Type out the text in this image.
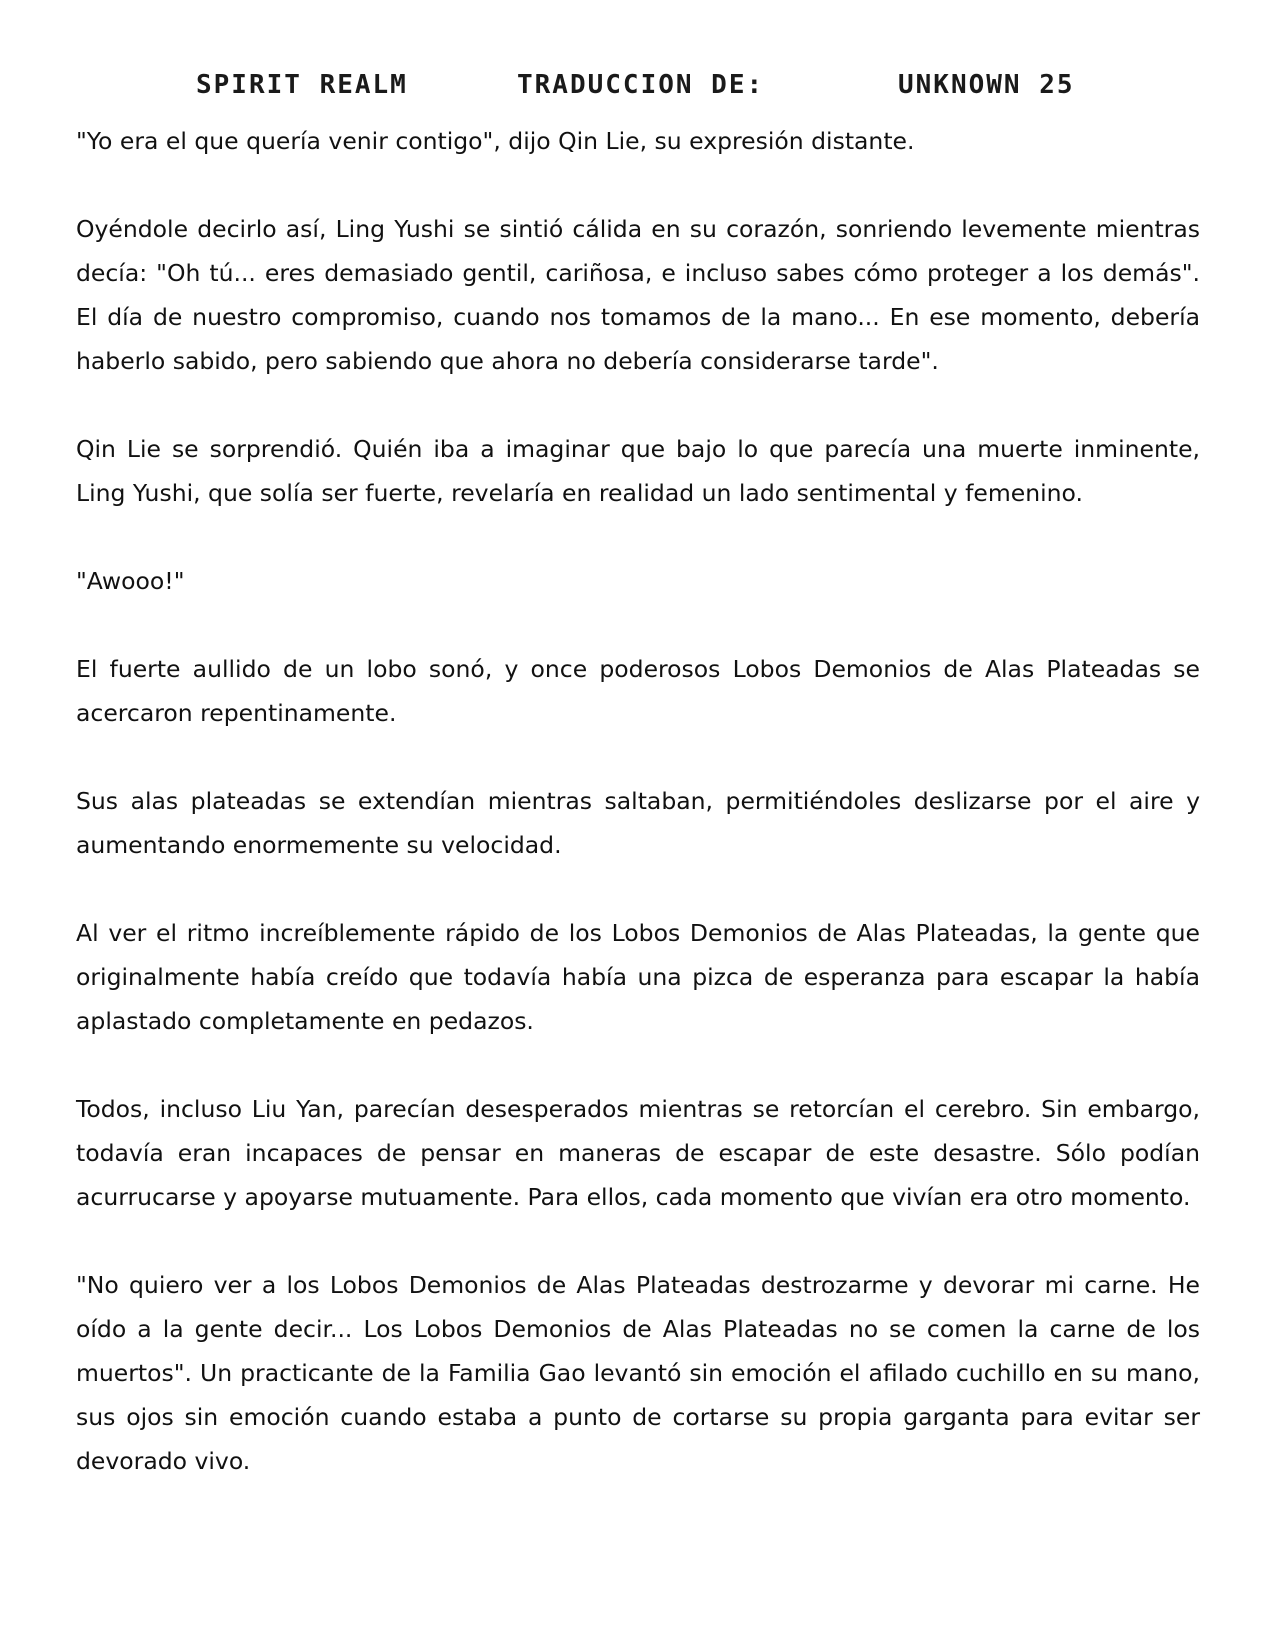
SPIRIT REALM	TRADUCCION DE:	UNKNOWN 25

"Yo era el que quería venir contigo", dijo Qin Lie, su expresión distante.

Oyéndole decirlo así, Ling Yushi se sintió cálida en su corazón, sonriendo levemente mientras decía: "Oh tú... eres demasiado gentil, cariñosa, e incluso sabes cómo proteger a los demás". El día de nuestro compromiso, cuando nos tomamos de la mano... En ese momento, debería haberlo sabido, pero sabiendo que ahora no debería considerarse tarde".

Qin Lie se sorprendió. Quién iba a imaginar que bajo lo que parecía una muerte inminente, Ling Yushi, que solía ser fuerte, revelaría en realidad un lado sentimental y femenino.

"Awooo!"

El fuerte aullido de un lobo sonó, y once poderosos Lobos Demonios de Alas Plateadas se acercaron repentinamente.

Sus alas plateadas se extendían mientras saltaban, permitiéndoles deslizarse por el aire y aumentando enormemente su velocidad.

Al ver el ritmo increíblemente rápido de los Lobos Demonios de Alas Plateadas, la gente que originalmente había creído que todavía había una pizca de esperanza para escapar la había aplastado completamente en pedazos.

Todos, incluso Liu Yan, parecían desesperados mientras se retorcían el cerebro. Sin embargo, todavía eran incapaces de pensar en maneras de escapar de este desastre. Sólo podían acurrucarse y apoyarse mutuamente. Para ellos, cada momento que vivían era otro momento.

"No quiero ver a los Lobos Demonios de Alas Plateadas destrozarme y devorar mi carne. He oído a la gente decir... Los Lobos Demonios de Alas Plateadas no se comen la carne de los muertos". Un practicante de la Familia Gao levantó sin emoción el afilado cuchillo en su mano, sus ojos sin emoción cuando estaba a punto de cortarse su propia garganta para evitar ser devorado vivo.
